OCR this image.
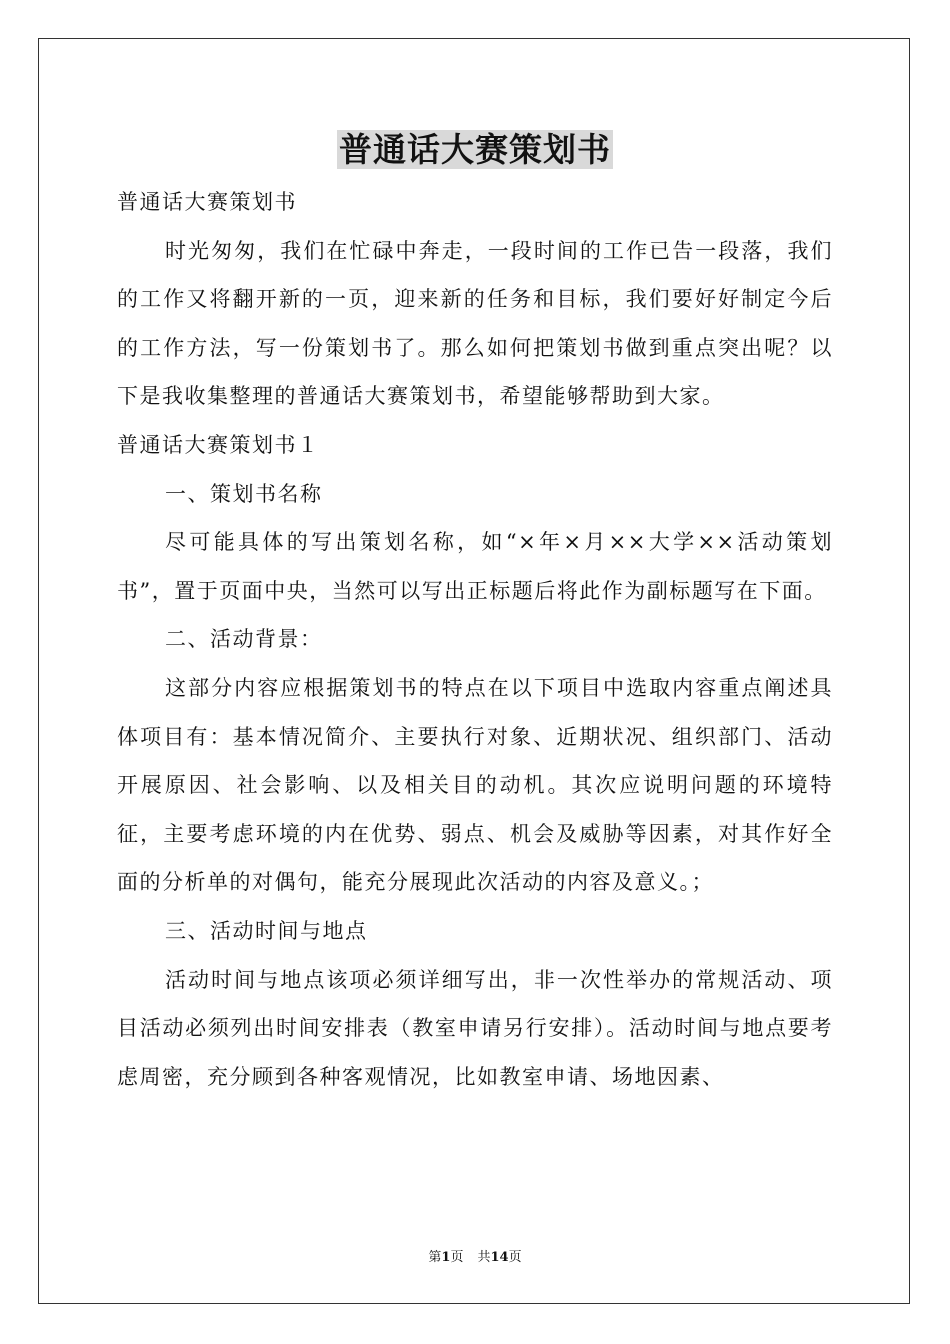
普通话大赛策划书

普通话大赛策划书

时光匆匆，我们在忙碌中奔走，一段时间的工作已告一段落，我们的工作又将翻开新的一页，迎来新的任务和目标，我们要好好制定今后的工作方法，写一份策划书了。那么如何把策划书做到重点突出呢？以下是我收集整理的普通话大赛策划书，希望能够帮助到大家。

普通话大赛策划书１

一、策划书名称

尽可能具体的写出策划名称，如“×年×月××大学××活动策划书”，置于页面中央，当然可以写出正标题后将此作为副标题写在下面。

二、活动背景：

这部分内容应根据策划书的特点在以下项目中选取内容重点阐述具体项目有：基本情况简介、主要执行对象、近期状况、组织部门、活动开展原因、社会影响、以及相关目的动机。其次应说明问题的环境特征，主要考虑环境的内在优势、弱点、机会及威胁等因素，对其作好全面的分析单的对偶句，能充分展现此次活动的内容及意义。；

三、活动时间与地点

活动时间与地点该项必须详细写出，非一次性举办的常规活动、项目活动必须列出时间安排表（教室申请另行安排）。活动时间与地点要考虑周密，充分顾到各种客观情况，比如教室申请、场地因素、

第1页 共14页
